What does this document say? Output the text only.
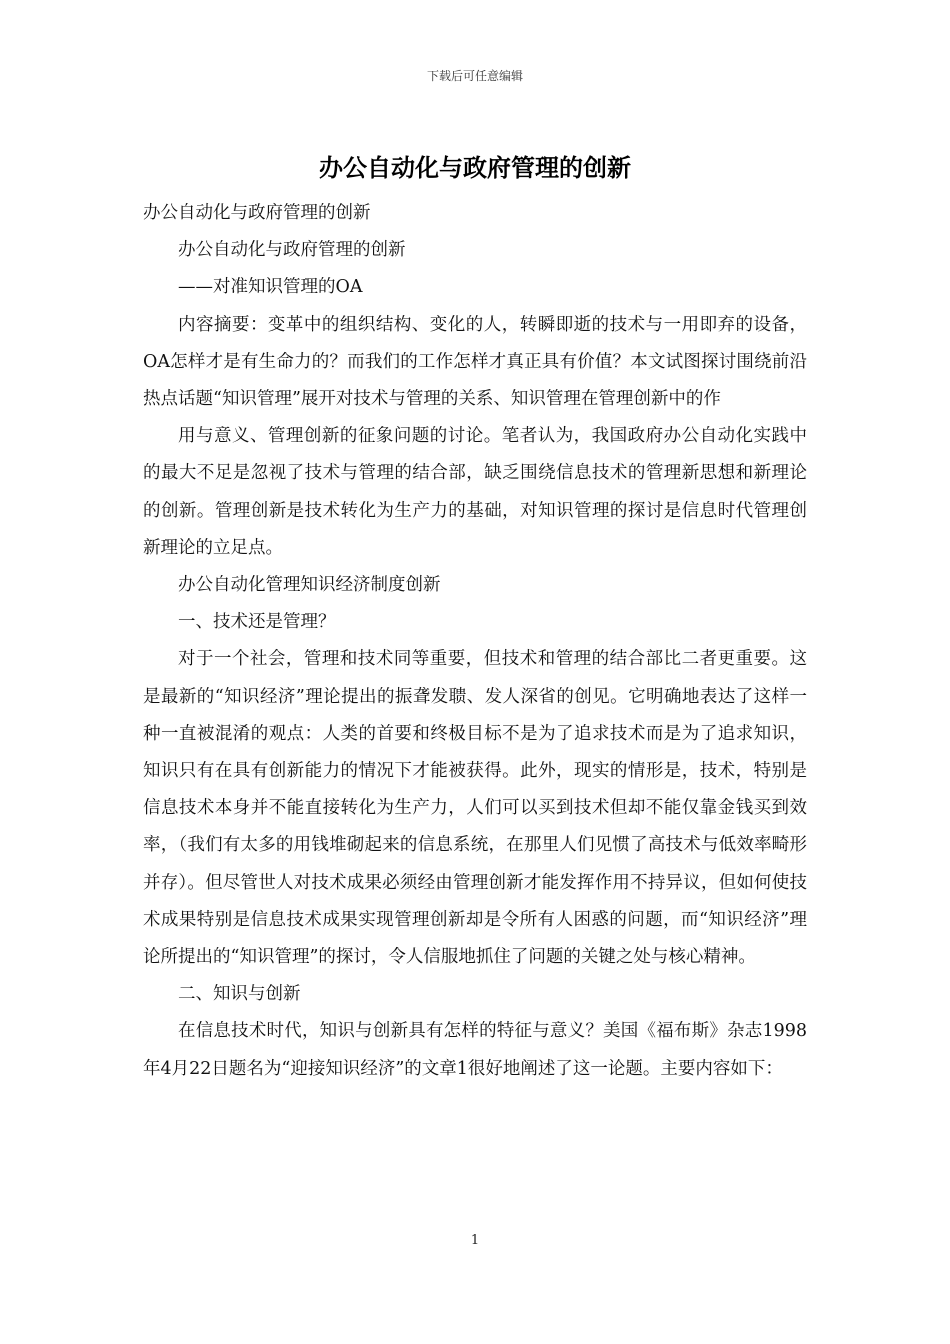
下载后可任意编辑
办公自动化与政府管理的创新

办公自动化与政府管理的创新

办公自动化与政府管理的创新

——对准知识管理的OA

内容摘要：变革中的组织结构、变化的人，转瞬即逝的技术与一用即弃的设备，OA怎样才是有生命力的？而我们的工作怎样才真正具有价值？本文试图探讨围绕前沿热点话题“知识管理”展开对技术与管理的关系、知识管理在管理创新中的作

用与意义、管理创新的征象问题的讨论。笔者认为，我国政府办公自动化实践中的最大不足是忽视了技术与管理的结合部，缺乏围绕信息技术的管理新思想和新理论的创新。管理创新是技术转化为生产力的基础，对知识管理的探讨是信息时代管理创新理论的立足点。

办公自动化管理知识经济制度创新

一、技术还是管理？

对于一个社会，管理和技术同等重要，但技术和管理的结合部比二者更重要。这是最新的“知识经济”理论提出的振聋发聩、发人深省的创见。它明确地表达了这样一种一直被混淆的观点：人类的首要和终极目标不是为了追求技术而是为了追求知识，知识只有在具有创新能力的情况下才能被获得。此外，现实的情形是，技术，特别是信息技术本身并不能直接转化为生产力，人们可以买到技术但却不能仅靠金钱买到效率，（我们有太多的用钱堆砌起来的信息系统，在那里人们见惯了高技术与低效率畸形并存）。但尽管世人对技术成果必须经由管理创新才能发挥作用不持异议，但如何使技术成果特别是信息技术成果实现管理创新却是令所有人困惑的问题，而“知识经济”理论所提出的“知识管理”的探讨，令人信服地抓住了问题的关键之处与核心精神。

二、知识与创新

在信息技术时代，知识与创新具有怎样的特征与意义？美国《福布斯》杂志1998年4月22日题名为“迎接知识经济”的文章1很好地阐述了这一论题。主要内容如下：

1
